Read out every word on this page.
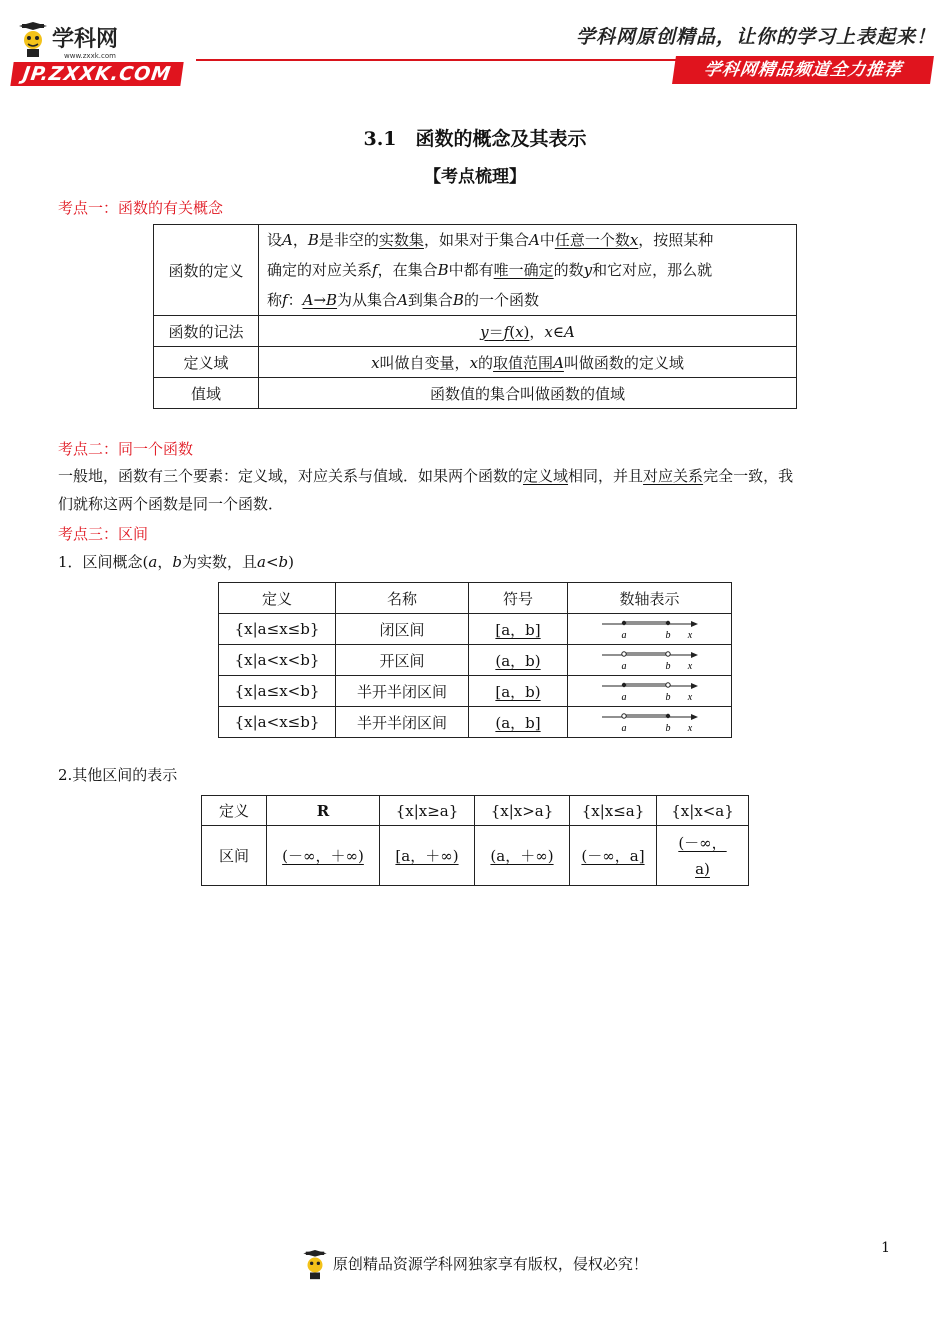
学科网
www.zxxk.com
JP.ZXXK.COM
学科网原创精品，让你的学习上表起来！
学科网精品频道全力推荐
3.1　函数的概念及其表示
【考点梳理】
考点一：函数的有关概念
函数的定义	设A，B是非空的实数集，如果对于集合A中任意一个数x，按照某种
确定的对应关系f，在集合B中都有唯一确定的数y和它对应，那么就
称f：A→B为从集合A到集合B的一个函数
函数的记法	y＝f(x)，x∈A
定义域	x叫做自变量，x的取值范围A叫做函数的定义域
值域	函数值的集合叫做函数的值域
考点二：同一个函数
一般地，函数有三个要素：定义域，对应关系与值域．如果两个函数的定义域相同，并且对应关系完全一致，我
们就称这两个函数是同一个函数．
考点三：区间
1．区间概念(a，b为实数，且a<b)
定义	名称	符号	数轴表示
{x|a≤x≤b}	闭区间	[a，b]	a b x

{x|a<x<b}	开区间	(a，b)	a b x

{x|a≤x<b}	半开半闭区间	[a，b)	a b x

{x|a<x≤b}	半开半闭区间	(a，b]	a b x
2.其他区间的表示
定义	R	{x|x≥a}	{x|x>a}	{x|x≤a}	{x|x<a}
区间	(－∞，＋∞)	[a，＋∞)	(a，＋∞)	(－∞，a]	(－∞，
a)
1
原创精品资源学科网独家享有版权，侵权必究！
